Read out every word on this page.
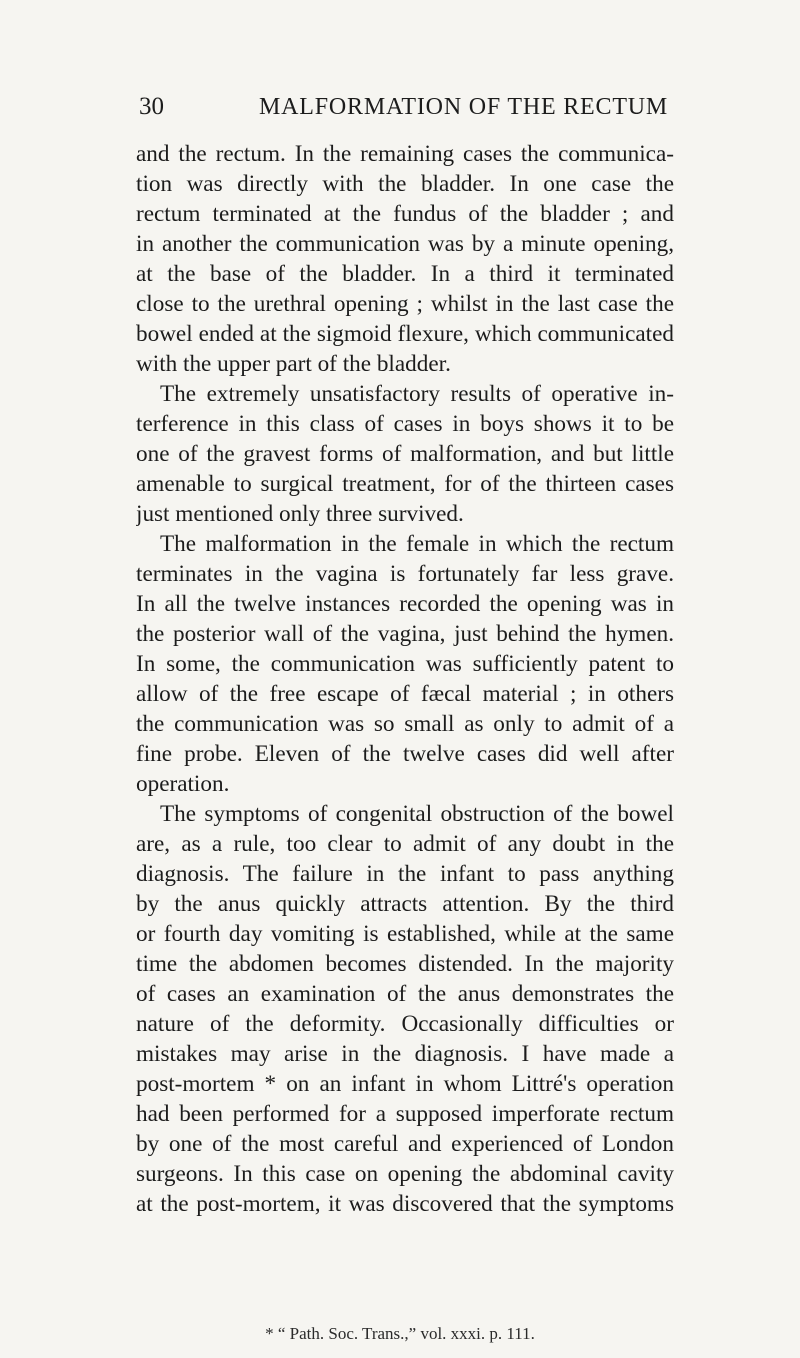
30	MALFORMATION OF THE RECTUM
and the rectum. In the remaining cases the communica-
tion was directly with the bladder. In one case the
rectum terminated at the fundus of the bladder ; and
in another the communication was by a minute opening,
at the base of the bladder. In a third it terminated
close to the urethral opening ; whilst in the last case the
bowel ended at the sigmoid flexure, which communicated
with the upper part of the bladder.
The extremely unsatisfactory results of operative in-
terference in this class of cases in boys shows it to be
one of the gravest forms of malformation, and but little
amenable to surgical treatment, for of the thirteen cases
just mentioned only three survived.
The malformation in the female in which the rectum
terminates in the vagina is fortunately far less grave.
In all the twelve instances recorded the opening was in
the posterior wall of the vagina, just behind the hymen.
In some, the communication was sufficiently patent to
allow of the free escape of fæcal material ; in others
the communication was so small as only to admit of a
fine probe. Eleven of the twelve cases did well after
operation.
The symptoms of congenital obstruction of the bowel
are, as a rule, too clear to admit of any doubt in the
diagnosis. The failure in the infant to pass anything
by the anus quickly attracts attention. By the third
or fourth day vomiting is established, while at the same
time the abdomen becomes distended. In the majority
of cases an examination of the anus demonstrates the
nature of the deformity. Occasionally difficulties or
mistakes may arise in the diagnosis. I have made a
post-mortem * on an infant in whom Littré's operation
had been performed for a supposed imperforate rectum
by one of the most careful and experienced of London
surgeons. In this case on opening the abdominal cavity
at the post-mortem, it was discovered that the symptoms
* “ Path. Soc. Trans.,” vol. xxxi. p. 111.
